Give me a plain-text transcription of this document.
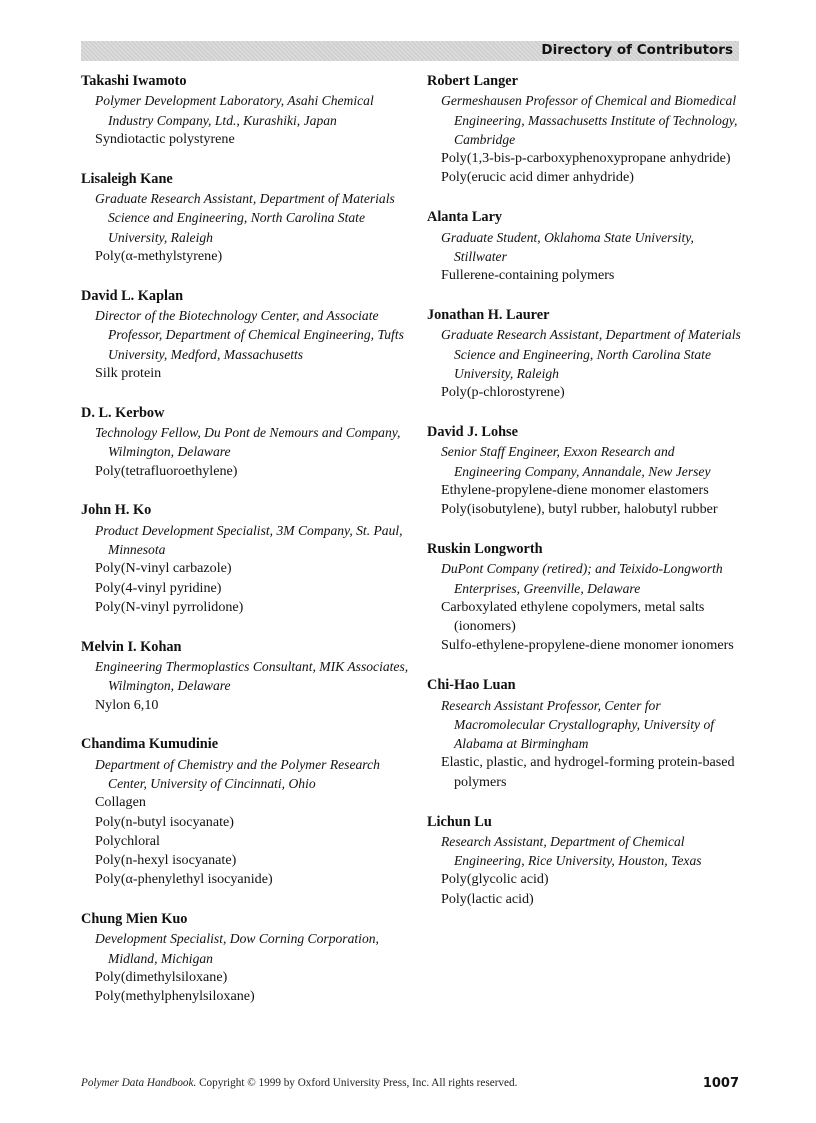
Directory of Contributors
Takashi Iwamoto
Polymer Development Laboratory, Asahi Chemical Industry Company, Ltd., Kurashiki, Japan
Syndiotactic polystyrene
Lisaleigh Kane
Graduate Research Assistant, Department of Materials Science and Engineering, North Carolina State University, Raleigh
Poly(α-methylstyrene)
David L. Kaplan
Director of the Biotechnology Center, and Associate Professor, Department of Chemical Engineering, Tufts University, Medford, Massachusetts
Silk protein
D. L. Kerbow
Technology Fellow, Du Pont de Nemours and Company, Wilmington, Delaware
Poly(tetrafluoroethylene)
John H. Ko
Product Development Specialist, 3M Company, St. Paul, Minnesota
Poly(N-vinyl carbazole)
Poly(4-vinyl pyridine)
Poly(N-vinyl pyrrolidone)
Melvin I. Kohan
Engineering Thermoplastics Consultant, MIK Associates, Wilmington, Delaware
Nylon 6,10
Chandima Kumudinie
Department of Chemistry and the Polymer Research Center, University of Cincinnati, Ohio
Collagen
Poly(n-butyl isocyanate)
Polychloral
Poly(n-hexyl isocyanate)
Poly(α-phenylethyl isocyanide)
Chung Mien Kuo
Development Specialist, Dow Corning Corporation, Midland, Michigan
Poly(dimethylsiloxane)
Poly(methylphenylsiloxane)
Robert Langer
Germeshausen Professor of Chemical and Biomedical Engineering, Massachusetts Institute of Technology, Cambridge
Poly(1,3-bis-p-carboxyphenoxypropane anhydride)
Poly(erucic acid dimer anhydride)
Alanta Lary
Graduate Student, Oklahoma State University, Stillwater
Fullerene-containing polymers
Jonathan H. Laurer
Graduate Research Assistant, Department of Materials Science and Engineering, North Carolina State University, Raleigh
Poly(p-chlorostyrene)
David J. Lohse
Senior Staff Engineer, Exxon Research and Engineering Company, Annandale, New Jersey
Ethylene-propylene-diene monomer elastomers
Poly(isobutylene), butyl rubber, halobutyl rubber
Ruskin Longworth
DuPont Company (retired); and Teixido-Longworth Enterprises, Greenville, Delaware
Carboxylated ethylene copolymers, metal salts (ionomers)
Sulfo-ethylene-propylene-diene monomer ionomers
Chi-Hao Luan
Research Assistant Professor, Center for Macromolecular Crystallography, University of Alabama at Birmingham
Elastic, plastic, and hydrogel-forming protein-based polymers
Lichun Lu
Research Assistant, Department of Chemical Engineering, Rice University, Houston, Texas
Poly(glycolic acid)
Poly(lactic acid)
Polymer Data Handbook. Copyright © 1999 by Oxford University Press, Inc. All rights reserved.	1007
